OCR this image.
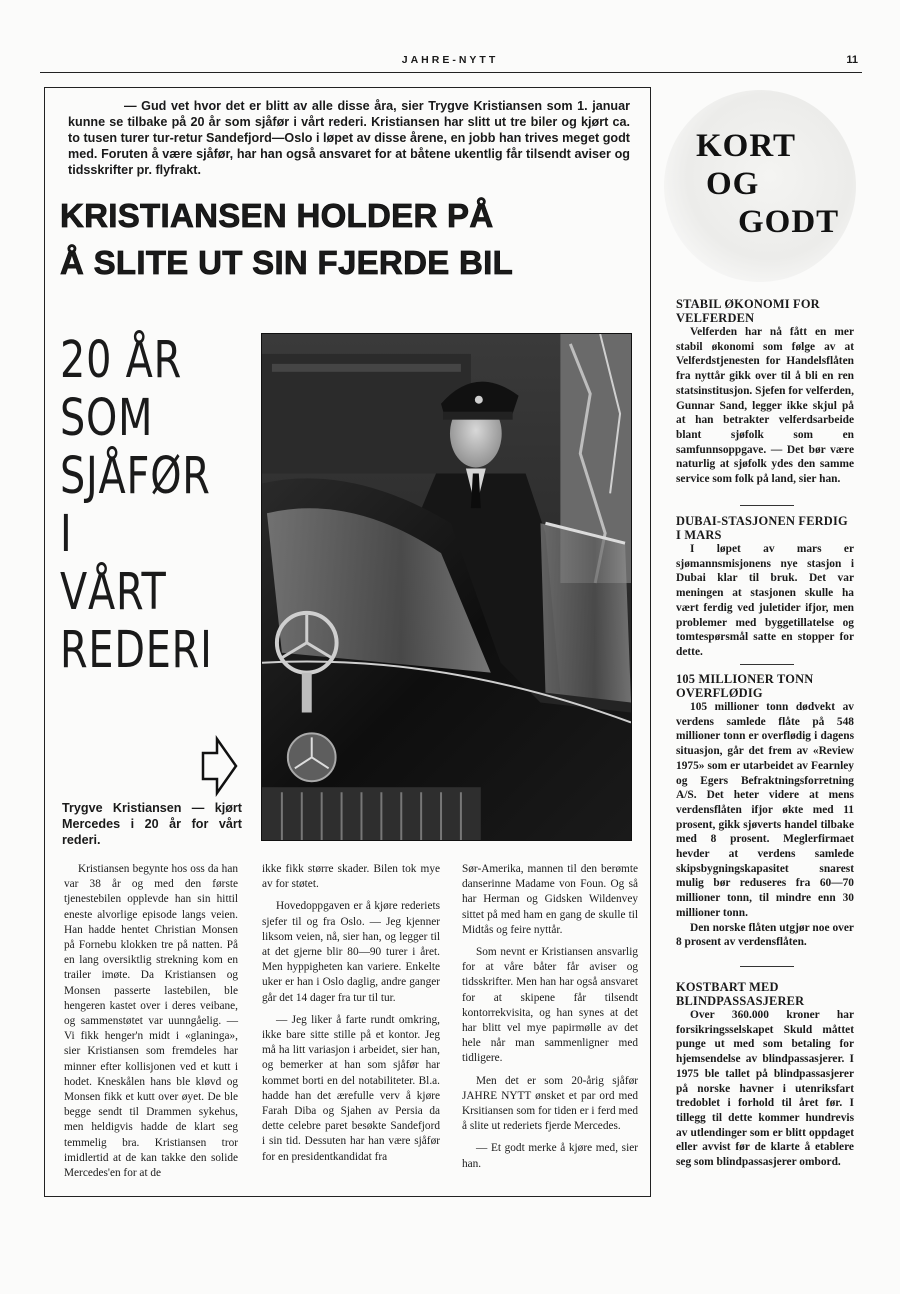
JAHRE-NYTT	11
— Gud vet hvor det er blitt av alle disse åra, sier Trygve Kristiansen som 1. januar kunne se tilbake på 20 år som sjåfør i vårt rederi. Kristiansen har slitt ut tre biler og kjørt ca. to tusen turer tur-retur Sandefjord—Oslo i løpet av disse årene, en jobb han trives meget godt med. Foruten å være sjåfør, har han også ansvaret for at båtene ukentlig får tilsendt aviser og tidsskrifter pr. flyfrakt.
KRISTIANSEN HOLDER PÅ
Å SLITE UT SIN FJERDE BIL
20 ÅR
SOM
SJÅFØR
I
VÅRT
REDERI
Trygve Kristiansen — kjørt Mercedes i 20 år for vårt rederi.

Kristiansen begynte hos oss da han var 38 år og med den første tjenestebilen opplevde han sin hittil eneste alvorlige episode langs veien. Han hadde hentet Christian Monsen på Fornebu klokken tre på natten. På en lang oversiktlig strekning kom en trailer imøte. Da Kristiansen og Monsen passerte lastebilen, ble hengeren kastet over i deres veibane, og sammenstøtet var uunngåelig. — Vi fikk henger'n midt i «glaninga», sier Kristiansen som fremdeles har minner efter kollisjonen ved et kutt i hodet. Kneskålen hans ble kløvd og Monsen fikk et kutt over øyet. De ble begge sendt til Drammen sykehus, men heldigvis hadde de klart seg temmelig bra. Kristiansen tror imidlertid at de kan takke den solide Mercedes'en for at de

ikke fikk større skader. Bilen tok mye av for støtet.

Hovedoppgaven er å kjøre rederiets sjefer til og fra Oslo. — Jeg kjenner liksom veien, nå, sier han, og legger til at det gjerne blir 80—90 turer i året. Men hyppigheten kan variere. Enkelte uker er han i Oslo daglig, andre ganger går det 14 dager fra tur til tur.

— Jeg liker å farte rundt omkring, ikke bare sitte stille på et kontor. Jeg må ha litt variasjon i arbeidet, sier han, og bemerker at han som sjåfør har kommet borti en del notabiliteter. Bl.a. hadde han det ærefulle verv å kjøre Farah Diba og Sjahen av Persia da dette celebre paret besøkte Sandefjord i sin tid. Dessuten har han være sjåfør for en presidentkandidat fra

Sør-Amerika, mannen til den berømte danserinne Madame von Foun. Og så har Herman og Gidsken Wildenvey sittet på med ham en gang de skulle til Midtås og feire nyttår.

Som nevnt er Kristiansen ansvarlig for at våre båter får aviser og tidsskrifter. Men han har også ansvaret for at skipene får tilsendt kontorrekvisita, og han synes at det har blitt vel mye papirmølle av det hele når man sammenligner med tidligere.

Men det er som 20-årig sjåfør JAHRE NYTT ønsket et par ord med Krsitiansen som for tiden er i ferd med å slite ut rederiets fjerde Mercedes.

— Et godt merke å kjøre med, sier han.

KORT
OG
GODT
STABIL ØKONOMI FOR VELFERDEN

Velferden har nå fått en mer stabil økonomi som følge av at Velferdstjenesten for Handelsflåten fra nyttår gikk over til å bli en ren statsinstitusjon. Sjefen for velferden, Gunnar Sand, legger ikke skjul på at han betrakter velferdsarbeide blant sjøfolk som en samfunnsoppgave. — Det bør være naturlig at sjøfolk ydes den samme service som folk på land, sier han.

DUBAI-STASJONEN FERDIG I MARS

I løpet av mars er sjømannsmisjonens nye stasjon i Dubai klar til bruk. Det var meningen at stasjonen skulle ha vært ferdig ved juletider ifjor, men problemer med byggetillatelse og tomtespørsmål satte en stopper for dette.

105 MILLIONER TONN OVERFLØDIG

105 millioner tonn dødvekt av verdens samlede flåte på 548 millioner tonn er overflødig i dagens situasjon, går det frem av «Review 1975» som er utarbeidet av Fearnley og Egers Befraktningsforretning A/S. Det heter videre at mens verdensflåten ifjor økte med 11 prosent, gikk sjøverts handel tilbake med 8 prosent. Meglerfirmaet hevder at verdens samlede skipsbygningskapasitet snarest mulig bør reduseres fra 60—70 millioner tonn, til mindre enn 30 millioner tonn.

Den norske flåten utgjør noe over 8 prosent av verdensflåten.

KOSTBART MED BLINDPASSASJERER

Over 360.000 kroner har forsikringsselskapet Skuld måttet punge ut med som betaling for hjemsendelse av blindpassasjerer. I 1975 ble tallet på blindpassasjerer på norske havner i utenriksfart tredoblet i forhold til året før. I tillegg til dette kommer hundrevis av utlendinger som er blitt oppdaget eller avvist før de klarte å etablere seg som blindpassasjerer ombord.
